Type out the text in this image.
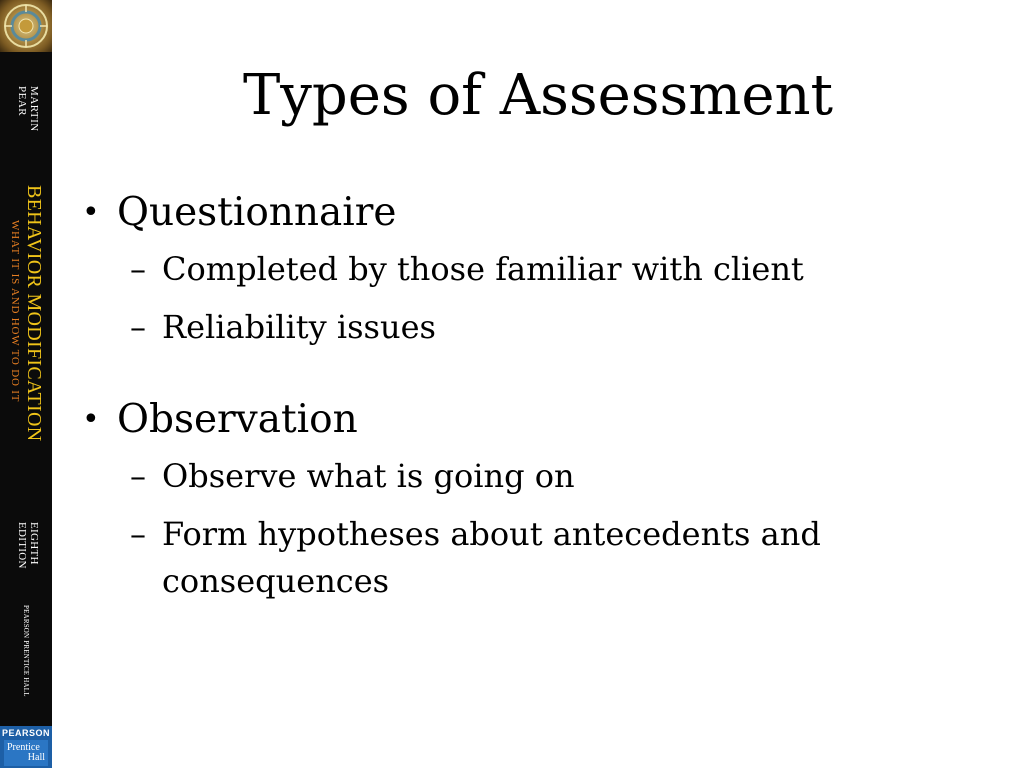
MARTIN
PEAR
BEHAVIOR MODIFICATION
WHAT IT IS AND HOW TO DO IT
EIGHTH
EDITION
PEARSON PRENTICE HALL
PEARSON
Prentice
Hall
Types of Assessment
• Questionnaire
– Completed by those familiar with client
– Reliability issues
• Observation
– Observe what is going on
– Form hypotheses about antecedents and consequences
